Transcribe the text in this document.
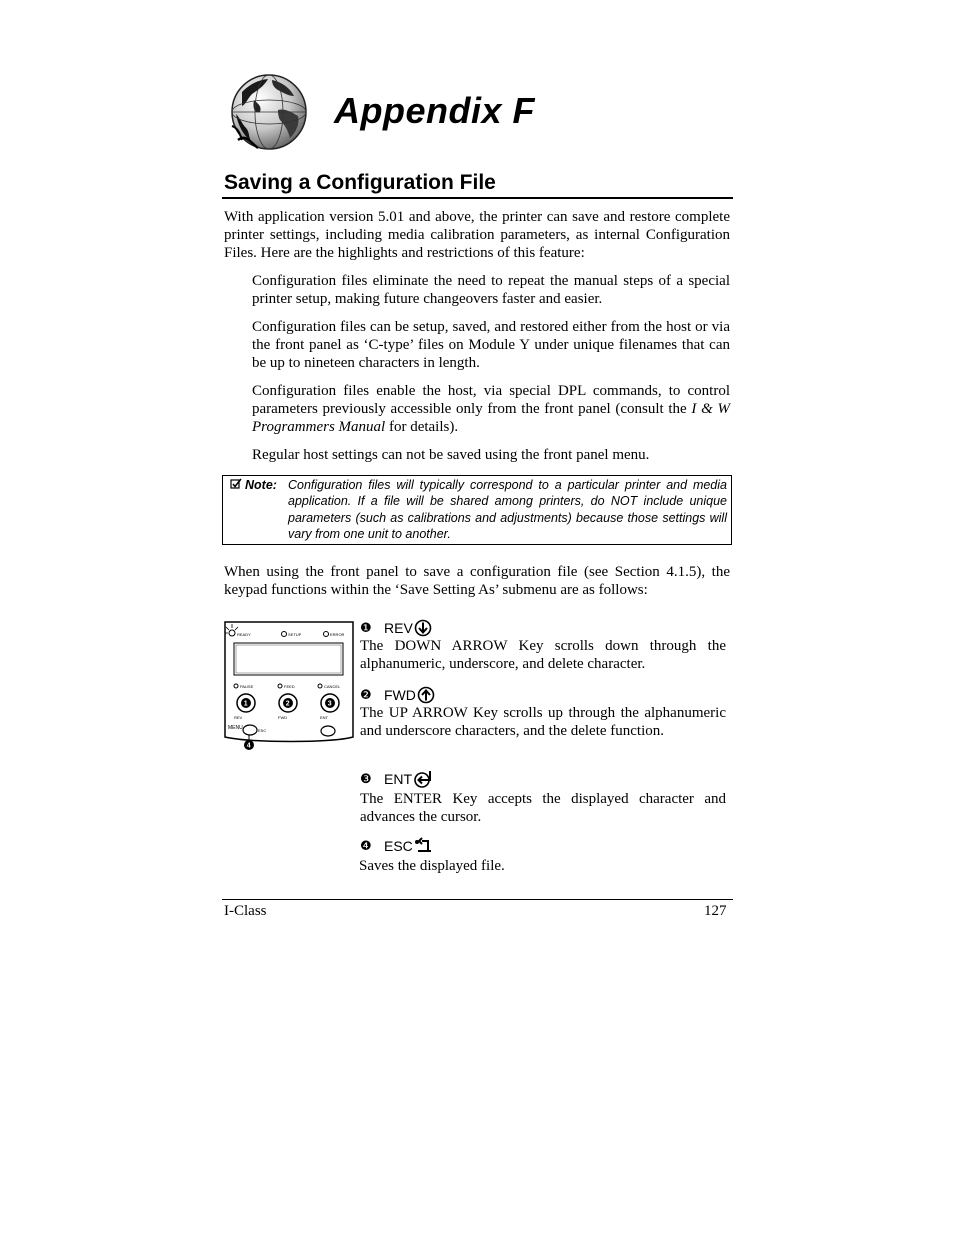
Appendix F
Saving a Configuration File
With application version 5.01 and above, the printer can save and restore complete printer settings, including media calibration parameters, as internal Configuration Files. Here are the highlights and restrictions of this feature:
Configuration files eliminate the need to repeat the manual steps of a special printer setup, making future changeovers faster and easier.
Configuration files can be setup, saved, and restored either from the host or via the front panel as ‘C-type’ files on Module Y under unique filenames that can be up to nineteen characters in length.
Configuration files enable the host, via special DPL commands, to control parameters previously accessible only from the front panel (consult the I & W Programmers Manual for details).
Regular host settings can not be saved using the front panel menu.
Note: Configuration files will typically correspond to a particular printer and media application. If a file will be shared among printers, do NOT include unique parameters (such as calibrations and adjustments) because those settings will vary from one unit to another.
When using the front panel to save a configuration file (see Section 4.1.5), the keypad functions within the ‘Save Setting As’ submenu are as follows:
READY	SETUP	ERROR
PAUSE	FEED	CANCEL
1	2	3
REV	FWD	ENT
MENU	ESC
4
❶ REV
The DOWN ARROW Key scrolls down through the alphanumeric, underscore, and delete character.
❷ FWD
The UP ARROW Key scrolls up through the alphanumeric and underscore characters, and the delete function.
❸ ENT
The ENTER Key accepts the displayed character and advances the cursor.
❹ ESC
Saves the displayed file.
I-Class	127
